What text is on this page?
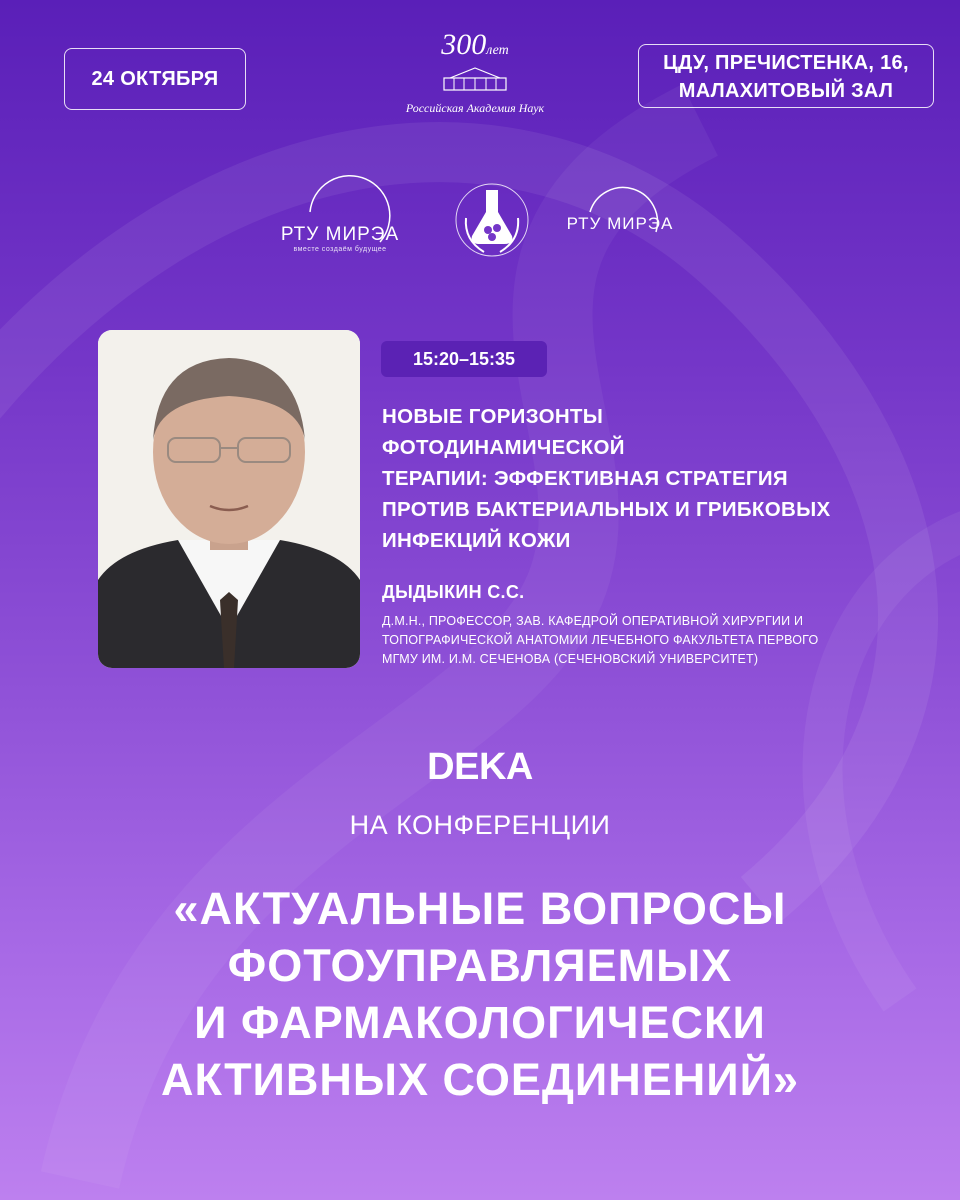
24 ОКТЯБРЯ
300лет
Российская Академия Наук
ЦДУ, ПРЕЧИСТЕНКА, 16,
МАЛАХИТОВЫЙ ЗАЛ
РТУ МИРЭА
вместе создаём будущее
РТУ МИРЭА
15:20–15:35
НОВЫЕ ГОРИЗОНТЫ
ФОТОДИНАМИЧЕСКОЙ
ТЕРАПИИ: ЭФФЕКТИВНАЯ СТРАТЕГИЯ
ПРОТИВ БАКТЕРИАЛЬНЫХ И ГРИБКОВЫХ
ИНФЕКЦИЙ КОЖИ
ДЫДЫКИН С.С.
Д.М.Н., ПРОФЕССОР, ЗАВ. КАФЕДРОЙ ОПЕРАТИВНОЙ ХИРУРГИИ И
ТОПОГРАФИЧЕСКОЙ АНАТОМИИ ЛЕЧЕБНОГО ФАКУЛЬТЕТА ПЕРВОГО
МГМУ ИМ. И.М. СЕЧЕНОВА (СЕЧЕНОВСКИЙ УНИВЕРСИТЕТ)
DEKA
НА КОНФЕРЕНЦИИ
«АКТУАЛЬНЫЕ ВОПРОСЫ
ФОТОУПРАВЛЯЕМЫХ
И ФАРМАКОЛОГИЧЕСКИ
АКТИВНЫХ СОЕДИНЕНИЙ»
